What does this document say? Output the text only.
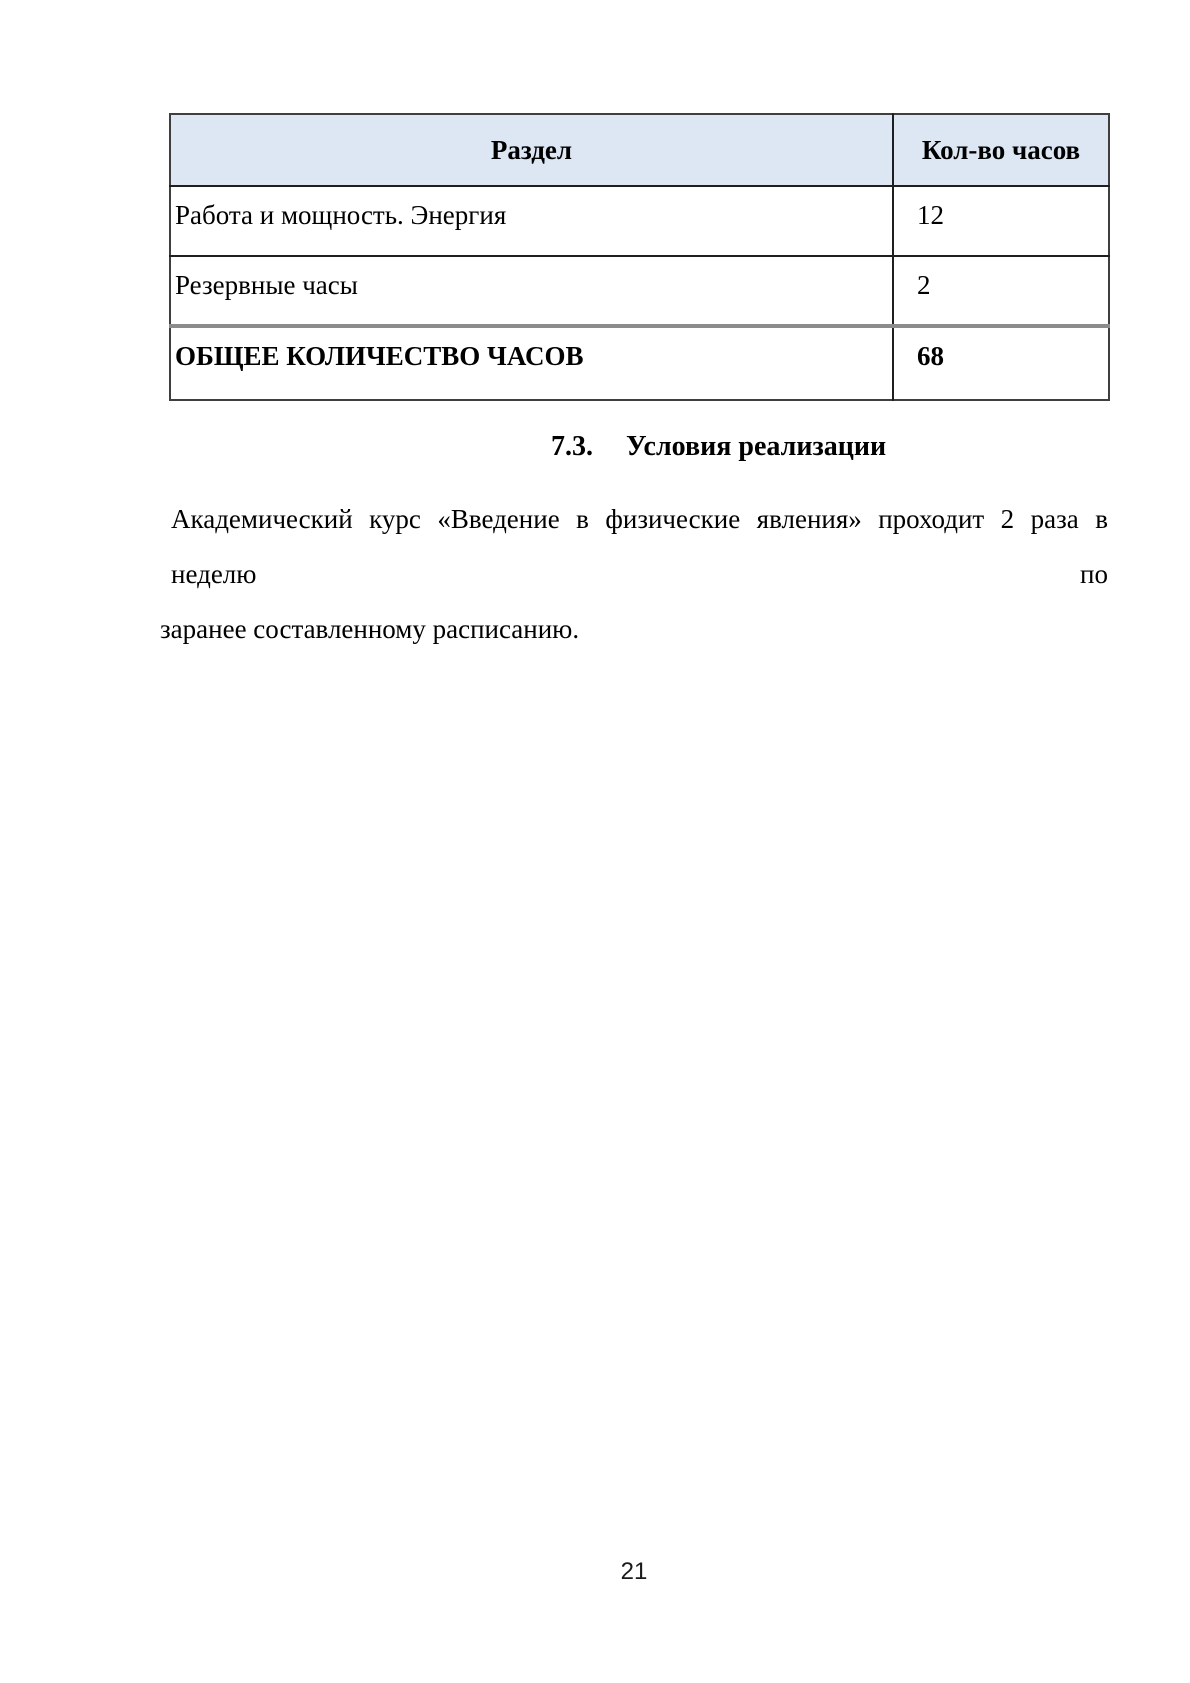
Раздел	Кол-во часов
Работа и мощность. Энергия	12
Резервные часы	2
ОБЩЕЕ КОЛИЧЕСТВО ЧАСОВ	68
7.3. Условия реализации

Академический курс «Введение в физические явления» проходит 2 раза в неделю по
заранее составленному расписанию.

21
